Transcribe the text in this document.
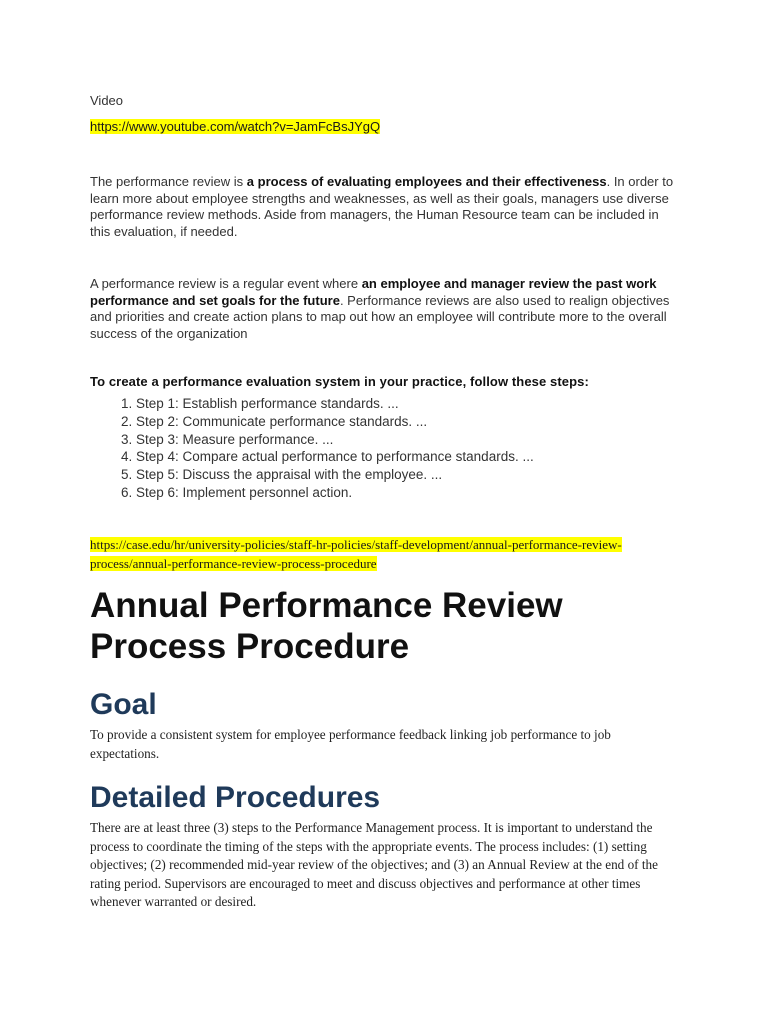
Video
https://www.youtube.com/watch?v=JamFcBsJYgQ
The performance review is a process of evaluating employees and their effectiveness. In order to learn more about employee strengths and weaknesses, as well as their goals, managers use diverse performance review methods. Aside from managers, the Human Resource team can be included in this evaluation, if needed.
A performance review is a regular event where an employee and manager review the past work performance and set goals for the future. Performance reviews are also used to realign objectives and priorities and create action plans to map out how an employee will contribute more to the overall success of the organization
To create a performance evaluation system in your practice, follow these steps:
1. Step 1: Establish performance standards. ...
2. Step 2: Communicate performance standards. ...
3. Step 3: Measure performance. ...
4. Step 4: Compare actual performance to performance standards. ...
5. Step 5: Discuss the appraisal with the employee. ...
6. Step 6: Implement personnel action.
https://case.edu/hr/university-policies/staff-hr-policies/staff-development/annual-performance-review-process/annual-performance-review-process-procedure
Annual Performance Review Process Procedure
Goal
To provide a consistent system for employee performance feedback linking job performance to job expectations.
Detailed Procedures
There are at least three (3) steps to the Performance Management process. It is important to understand the process to coordinate the timing of the steps with the appropriate events. The process includes: (1) setting objectives; (2) recommended mid-year review of the objectives; and (3) an Annual Review at the end of the rating period. Supervisors are encouraged to meet and discuss objectives and performance at other times whenever warranted or desired.
